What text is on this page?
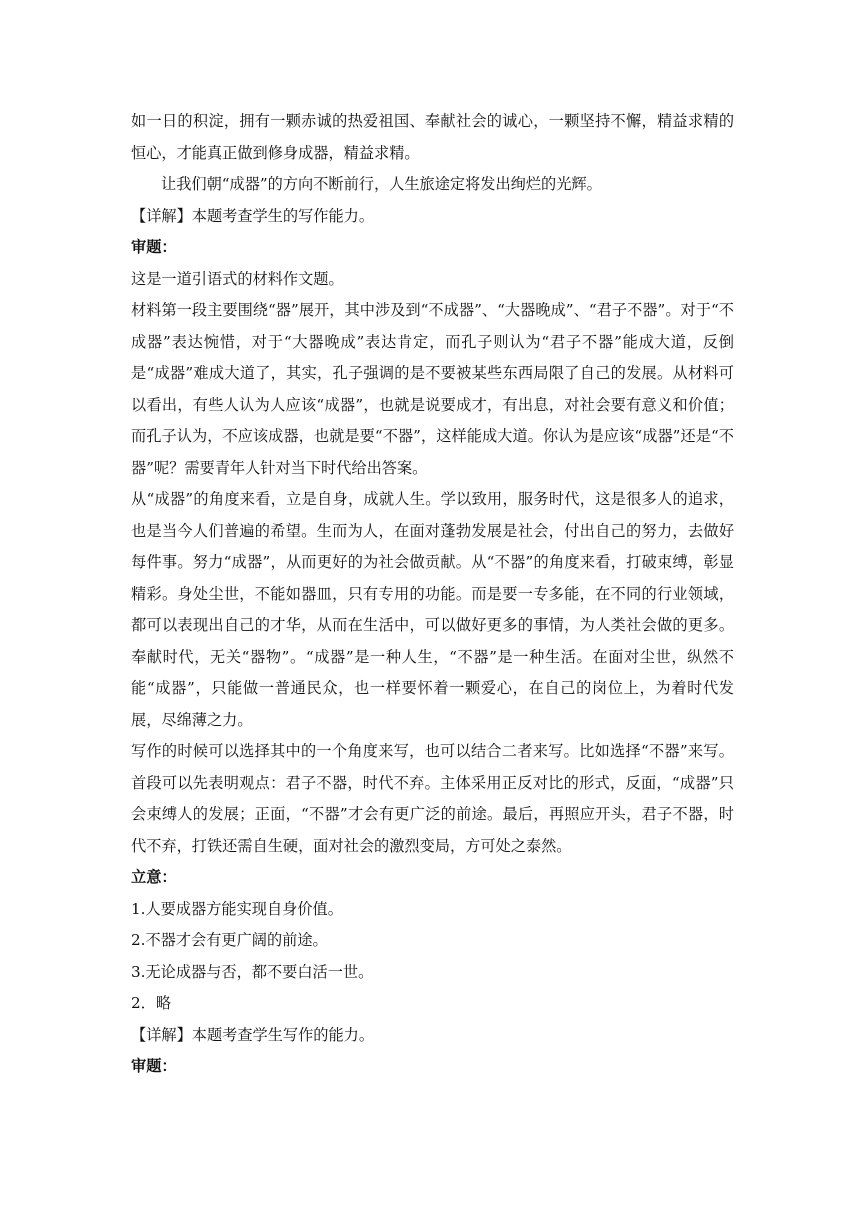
如一日的积淀，拥有一颗赤诚的热爱祖国、奉献社会的诚心，一颗坚持不懈，精益求精的恒心，才能真正做到修身成器，精益求精。

让我们朝“成器”的方向不断前行，人生旅途定将发出绚烂的光辉。

【详解】本题考查学生的写作能力。

审题：

这是一道引语式的材料作文题。

材料第一段主要围绕“器”展开，其中涉及到“不成器”、“大器晚成”、“君子不器”。对于“不成器”表达惋惜，对于“大器晚成”表达肯定，而孔子则认为“君子不器”能成大道，反倒是“成器”难成大道了，其实，孔子强调的是不要被某些东西局限了自己的发展。从材料可以看出，有些人认为人应该“成器”，也就是说要成才，有出息，对社会要有意义和价值；而孔子认为，不应该成器，也就是要“不器”，这样能成大道。你认为是应该“成器”还是“不器”呢？需要青年人针对当下时代给出答案。

从“成器”的角度来看，立是自身，成就人生。学以致用，服务时代，这是很多人的追求，也是当今人们普遍的希望。生而为人，在面对蓬勃发展是社会，付出自己的努力，去做好每件事。努力“成器”，从而更好的为社会做贡献。从“不器”的角度来看，打破束缚，彰显精彩。身处尘世，不能如器皿，只有专用的功能。而是要一专多能，在不同的行业领域，都可以表现出自己的才华，从而在生活中，可以做好更多的事情，为人类社会做的更多。奉献时代，无关“器物”。“成器”是一种人生，“不器”是一种生活。在面对尘世，纵然不能“成器”，只能做一普通民众，也一样要怀着一颗爱心，在自己的岗位上，为着时代发展，尽绵薄之力。

写作的时候可以选择其中的一个角度来写，也可以结合二者来写。比如选择“不器”来写。首段可以先表明观点：君子不器，时代不弃。主体采用正反对比的形式，反面，“成器”只会束缚人的发展；正面，“不器”才会有更广泛的前途。最后，再照应开头，君子不器，时代不弃，打铁还需自生硬，面对社会的激烈变局，方可处之泰然。

立意：

1.人要成器方能实现自身价值。

2.不器才会有更广阔的前途。

3.无论成器与否，都不要白活一世。

2．略

【详解】本题考查学生写作的能力。

审题：
